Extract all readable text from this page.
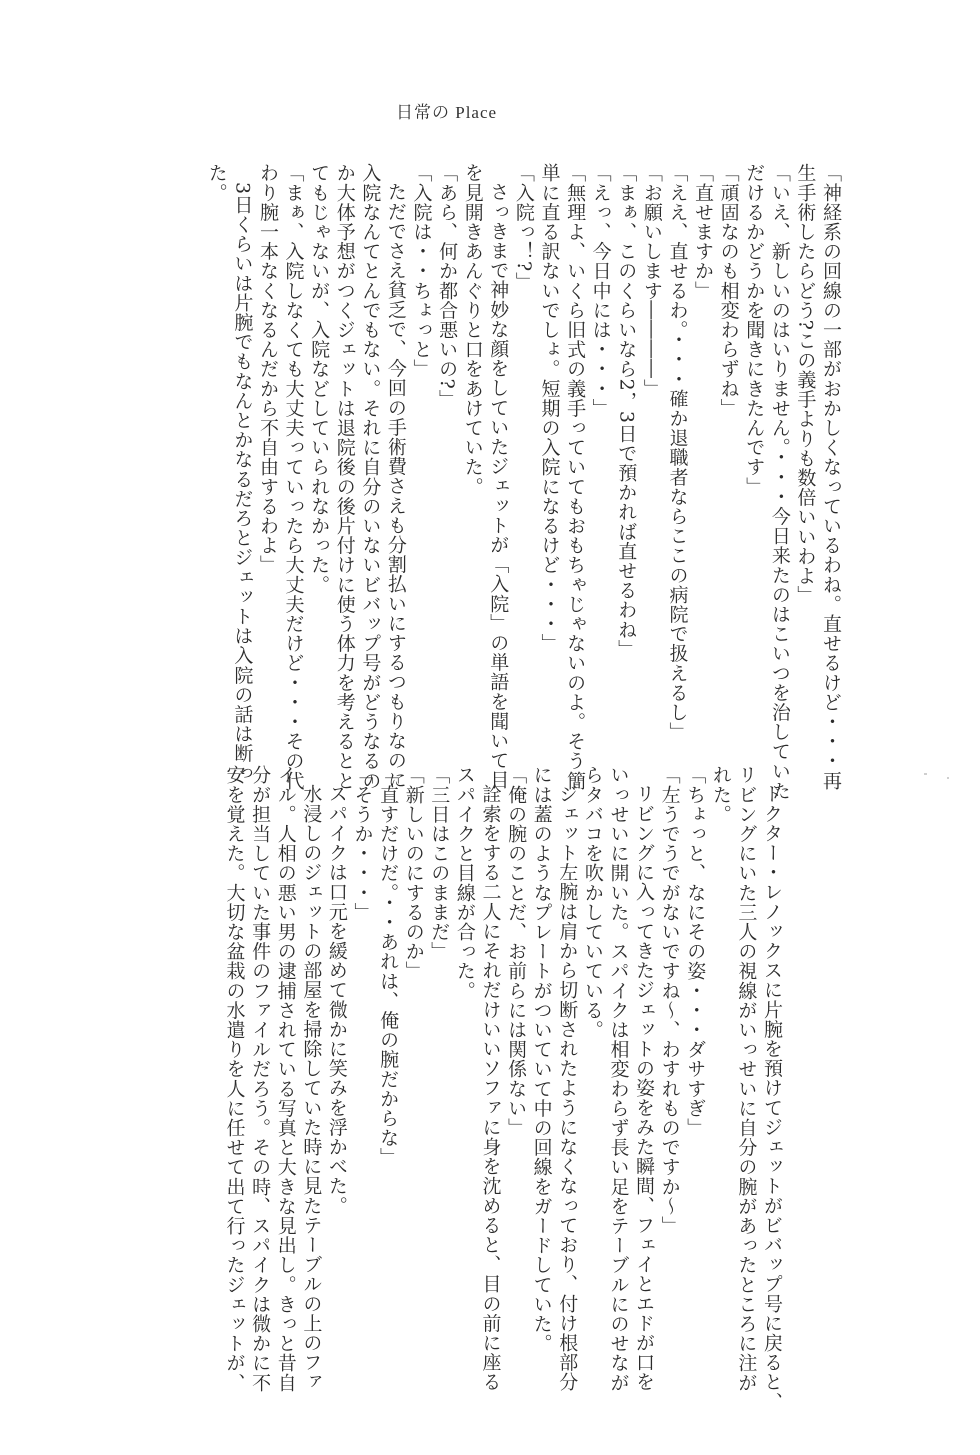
日常の Place
「神経系の回線の一部がおかしくなっているわね。直せるけど・・・再
生手術したらどう?この義手よりも数倍いいわよ」
「いえ、新しいのはいりません。・・・今日来たのはこいつを治していた
だけるかどうかを聞きにきたんです」
「頑固なのも相変わらずね」
「直せますか」
「ええ、直せるわ。・・・確か退職者ならここの病院で扱えるし」
「お願いします――――」
「まぁ、このくらいなら2，3日で預かれば直せるわね」
「えっ、今日中には・・・」
「無理よ、いくら旧式の義手っていてもおもちゃじゃないのよ。そう簡
単に直る訳ないでしょ。短期の入院になるけど・・・」
「入院っ！?」
さっきまで神妙な顔をしていたジェットが「入院」の単語を聞いて目
を見開きあんぐりと口をあけていた。
「あら、何か都合悪いの?」
「入院は・・ちょっと」
ただでさえ貧乏で、今回の手術費さえも分割払いにするつもりなのに
入院なんてとんでもない。それに自分のいないビバップ号がどうなるの
か大体予想がつくジェットは退院後の後片付けに使う体力を考えるとと
てもじゃないが、入院などしていられなかった。
「まぁ、入院しなくても大丈夫っていったら大丈夫だけど・・・その代
わり腕一本なくなるんだから不自由するわよ」
3日くらいは片腕でもなんとかなるだろとジェットは入院の話は断っ
た。
ドクター・レノックスに片腕を預けてジェットがビバップ号に戻ると、
リビングにいた三人の視線がいっせいに自分の腕があったところに注が
れた。
「ちょっと、なにその姿・・・ダサすぎ」
「左うでうでがないですね～、わすれものですか～」
リビングに入ってきたジェットの姿をみた瞬間、フェイとエドが口を
いっせいに開いた。スパイクは相変わらず長い足をテーブルにのせなが
らタバコを吹かしていている。
ジェット左腕は肩から切断されたようになくなっており、付け根部分
には蓋のようなプレートがついていて中の回線をガードしていた。
「俺の腕のことだ、お前らには関係ない」
詮索をする二人にそれだけいいソファに身を沈めると、目の前に座る
スパイクと目線が合った。
「三日はこのままだ」
「新しいのにするのか」
「直すだけだ。・・あれは、俺の腕だからな」
「そうか・・・」
スパイクは口元を緩めて微かに笑みを浮かべた。
水浸しのジェットの部屋を掃除していた時に見たテーブルの上のファ
イル。人相の悪い男の逮捕されている写真と大きな見出し。きっと昔自
分が担当していた事件のファイルだろう。その時、スパイクは微かに不
安を覚えた。大切な盆栽の水遣りを人に任せて出て行ったジェットが、
